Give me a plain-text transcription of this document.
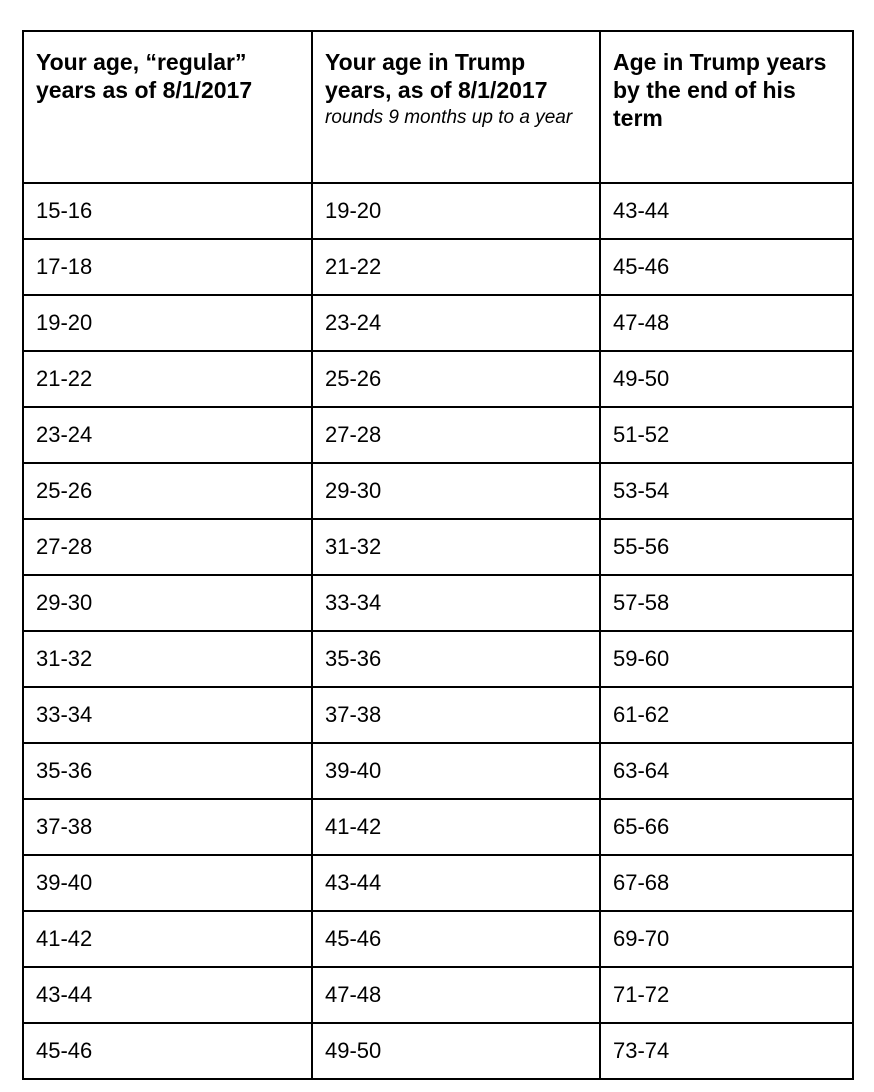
Your age, “regular”
years as of 8/1/2017	Your age in Trump
years, as of 8/1/2017
rounds 9 months up to a year	Age in Trump years
by the end of his
term

15-16	19-20	43-44
17-18	21-22	45-46
19-20	23-24	47-48
21-22	25-26	49-50
23-24	27-28	51-52
25-26	29-30	53-54
27-28	31-32	55-56
29-30	33-34	57-58
31-32	35-36	59-60
33-34	37-38	61-62
35-36	39-40	63-64
37-38	41-42	65-66
39-40	43-44	67-68
41-42	45-46	69-70
43-44	47-48	71-72
45-46	49-50	73-74
